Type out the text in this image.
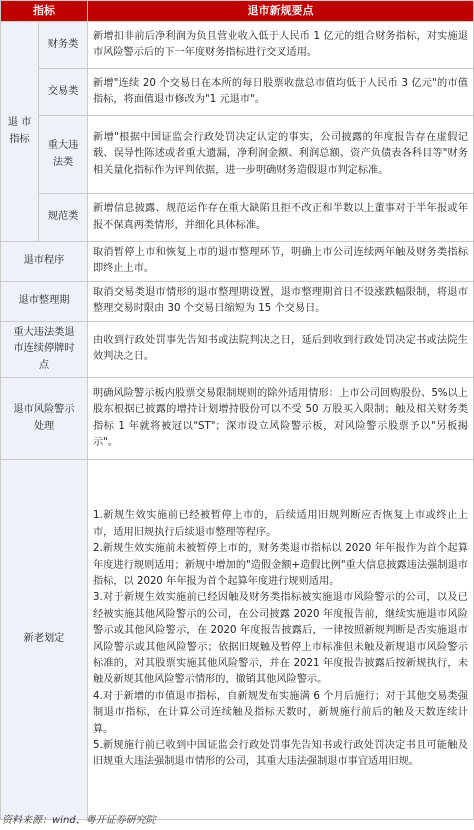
指标		退市新规要点
退 市
指标	财务类	新增扣非前后净利润为负且营业收入低于人民币 1 亿元的组合财务指标，对实施退市风险警示后的下一年度财务指标进行交叉适用。
	交易类	新增"连续 20 个交易日在本所的每日股票收盘总市值均低于人民币 3 亿元"的市值指标，将面值退市修改为"1 元退市"。
	重大违
法类	新增"根据中国证监会行政处罚决定认定的事实，公司披露的年度报告存在虚假记载、误导性陈述或者重大遗漏，净利润金额、利润总额、资产负债表各科目等"财务相关量化指标作为评判依据，进一步明确财务造假退市判定标准。
	规范类	新增信息披露、规范运作存在重大缺陷且拒不改正和半数以上董事对于半年报或年报不保真两类情形，并细化具体标准。
退市程序		取消暂停上市和恢复上市的退市整理环节，明确上市公司连续两年触及财务类指标即终止上市。
退市整理期		取消交易类退市情形的退市整理期设置，退市整理期首日不设涨跌幅限制，将退市整理交易时限由 30 个交易日缩短为 15 个交易日。
重大违法类退
市连续停牌时
点		由收到行政处罚事先告知书或法院判决之日，延后到收到行政处罚决定书或法院生效判决之日。
退市风险警示
处理		明确风险警示板内股票交易限制规则的除外适用情形：上市公司回购股份、5%以上股东根据已披露的增持计划增持股份可以不受 50 万股买入限制；触及相关财务类指标 1 年就将被冠以"ST"；深市设立风险警示板，对风险警示股票予以"另板揭示"。
新老划定		1.新规生效实施前已经被暂停上市的，后续适用旧规判断应否恢复上市或终止上市，适用旧规执行后续退市整理等程序。

2.新规生效实施前未被暂停上市的，财务类退市指标以 2020 年年报作为首个起算年度进行规则适用；新规中增加的"造假金额+造假比例"重大信息披露违法强制退市指标，以 2020 年年报为首个起算年度进行规则适用。

3.对于新规生效实施前已经因触及财务类指标被实施退市风险警示的公司，以及已经被实施其他风险警示的公司，在公司披露 2020 年度报告前，继续实施退市风险警示或其他风险警示，在 2020 年度报告披露后，一律按照新规判断是否实施退市风险警示或其他风险警示；依据旧规触及暂停上市标准但未触及新规退市风险警示标准的，对其股票实施其他风险警示，并在 2021 年度报告披露后按新规执行，未触及新规其他风险警示情形的，撤销其他风险警示。

4.对于新增的市值退市指标，自新规发布实施满 6 个月后施行；对于其他交易类强制退市指标，在计算公司连续触及指标天数时，新规施行前后的触及天数连续计算。

5.新规施行前已收到中国证监会行政处罚事先告知书或行政处罚决定书且可能触及旧规重大违法强制退市情形的公司，其重大违法强制退市事宜适用旧规。

资料来源：wind、粤开证券研究院
